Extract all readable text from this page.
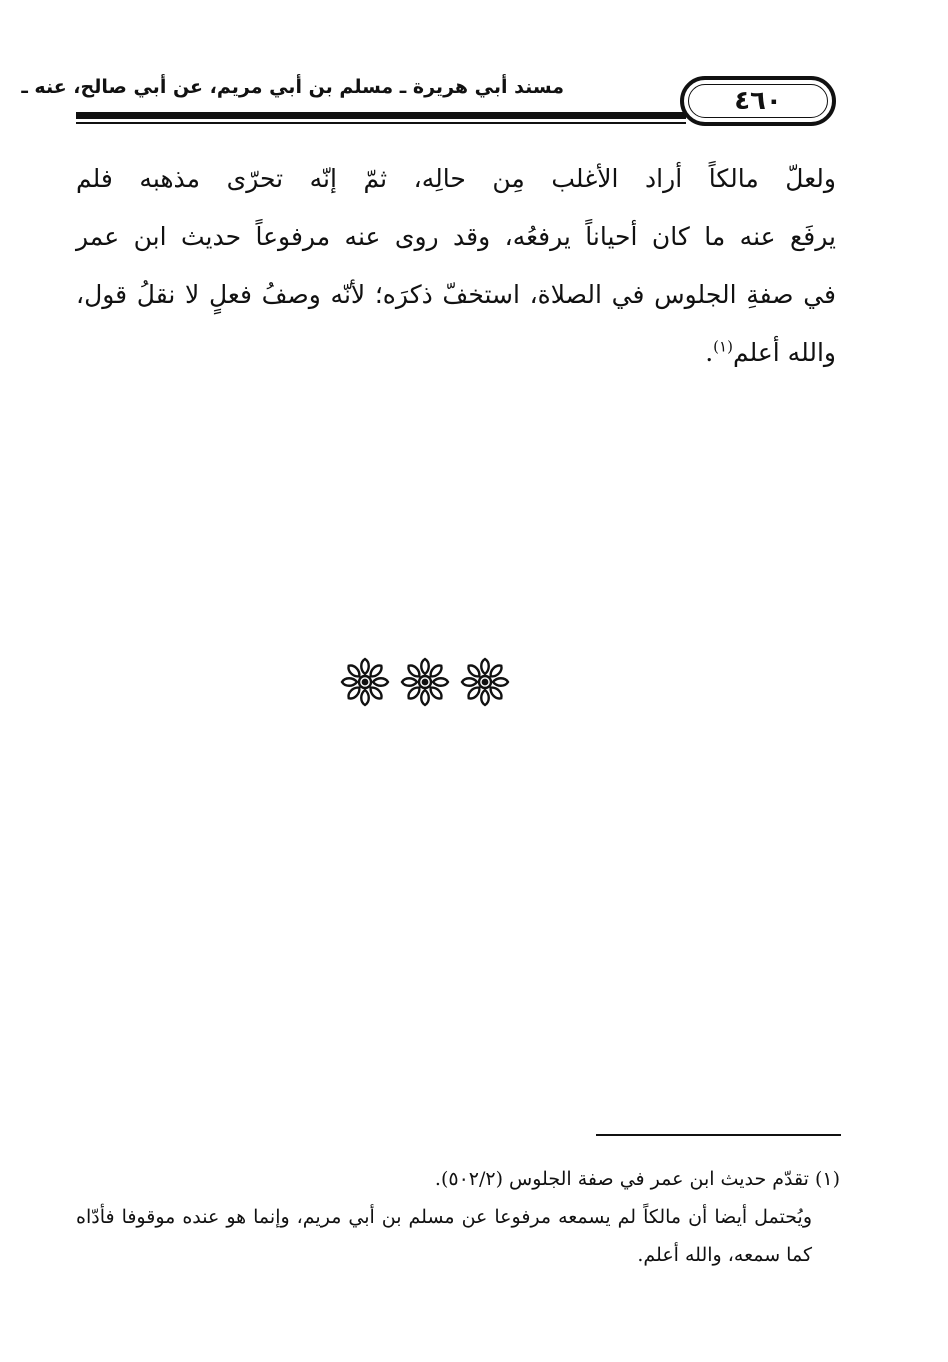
مسند أبي هريرة ـ مسلم بن أبي مريم، عن أبي صالح، عنه ـ	٤٦٠
ولعلّ مالكاً أراد الأغلب مِن حالِه، ثمّ إنّه تحرّى مذهبه فلم
يرفَع عنه ما كان أحياناً يرفعُه، وقد روى عنه مرفوعاً حديث ابن عمر
في صفةِ الجلوس في الصلاة، استخفّ ذكرَه؛ لأنّه وصفُ فعلٍ لا نقلُ قول،
والله أعلم$^{(١)}$.
(١) تقدّم حديث ابن عمر في صفة الجلوس (٥٠٢/٢).
ويُحتمل أيضا أن مالكاً لم يسمعه مرفوعا عن مسلم بن أبي مريم، وإنما هو عنده موقوفا فأدّاه
كما سمعه، والله أعلم.
